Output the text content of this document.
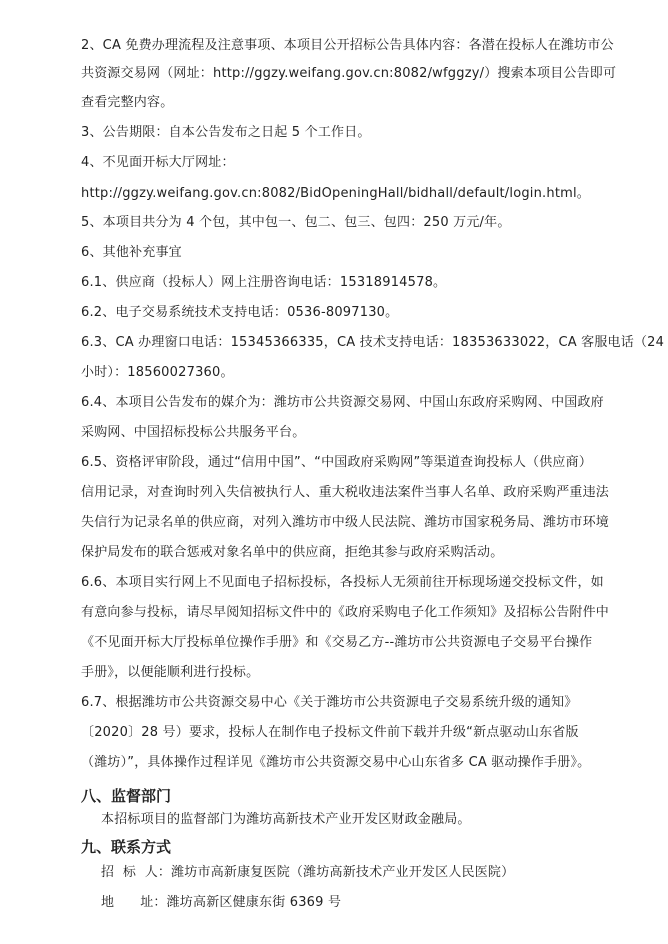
2、CA 免费办理流程及注意事项、本项目公开招标公告具体内容：各潜在投标人在潍坊市公
共资源交易网（网址：http://ggzy.weifang.gov.cn:8082/wfggzy/）搜索本项目公告即可
查看完整内容。
3、公告期限：自本公告发布之日起 5 个工作日。
4、不见面开标大厅网址：
http://ggzy.weifang.gov.cn:8082/BidOpeningHall/bidhall/default/login.html。
5、本项目共分为 4 个包，其中包一、包二、包三、包四：250 万元/年。
6、其他补充事宜
6.1、供应商（投标人）网上注册咨询电话：15318914578。
6.2、电子交易系统技术支持电话：0536-8097130。
6.3、CA 办理窗口电话：15345366335，CA 技术支持电话：18353633022，CA 客服电话（24
小时）：18560027360。
6.4、本项目公告发布的媒介为：潍坊市公共资源交易网、中国山东政府采购网、中国政府
采购网、中国招标投标公共服务平台。
6.5、资格评审阶段，通过“信用中国”、“中国政府采购网”等渠道查询投标人（供应商）
信用记录，对查询时列入失信被执行人、重大税收违法案件当事人名单、政府采购严重违法
失信行为记录名单的供应商，对列入潍坊市中级人民法院、潍坊市国家税务局、潍坊市环境
保护局发布的联合惩戒对象名单中的供应商，拒绝其参与政府采购活动。
6.6、本项目实行网上不见面电子招标投标，各投标人无须前往开标现场递交投标文件，如
有意向参与投标，请尽早阅知招标文件中的《政府采购电子化工作须知》及招标公告附件中
《不见面开标大厅投标单位操作手册》和《交易乙方--潍坊市公共资源电子交易平台操作
手册》，以便能顺利进行投标。
6.7、根据潍坊市公共资源交易中心《关于潍坊市公共资源电子交易系统升级的通知》
〔2020〕28 号）要求，投标人在制作电子投标文件前下载并升级“新点驱动山东省版
（潍坊）”，具体操作过程详见《潍坊市公共资源交易中心山东省多 CA 驱动操作手册》。
八、监督部门
本招标项目的监督部门为潍坊高新技术产业开发区财政金融局。
九、联系方式
招  标  人：潍坊市高新康复医院（潍坊高新技术产业开发区人民医院）
地      址：潍坊高新区健康东街 6369 号
